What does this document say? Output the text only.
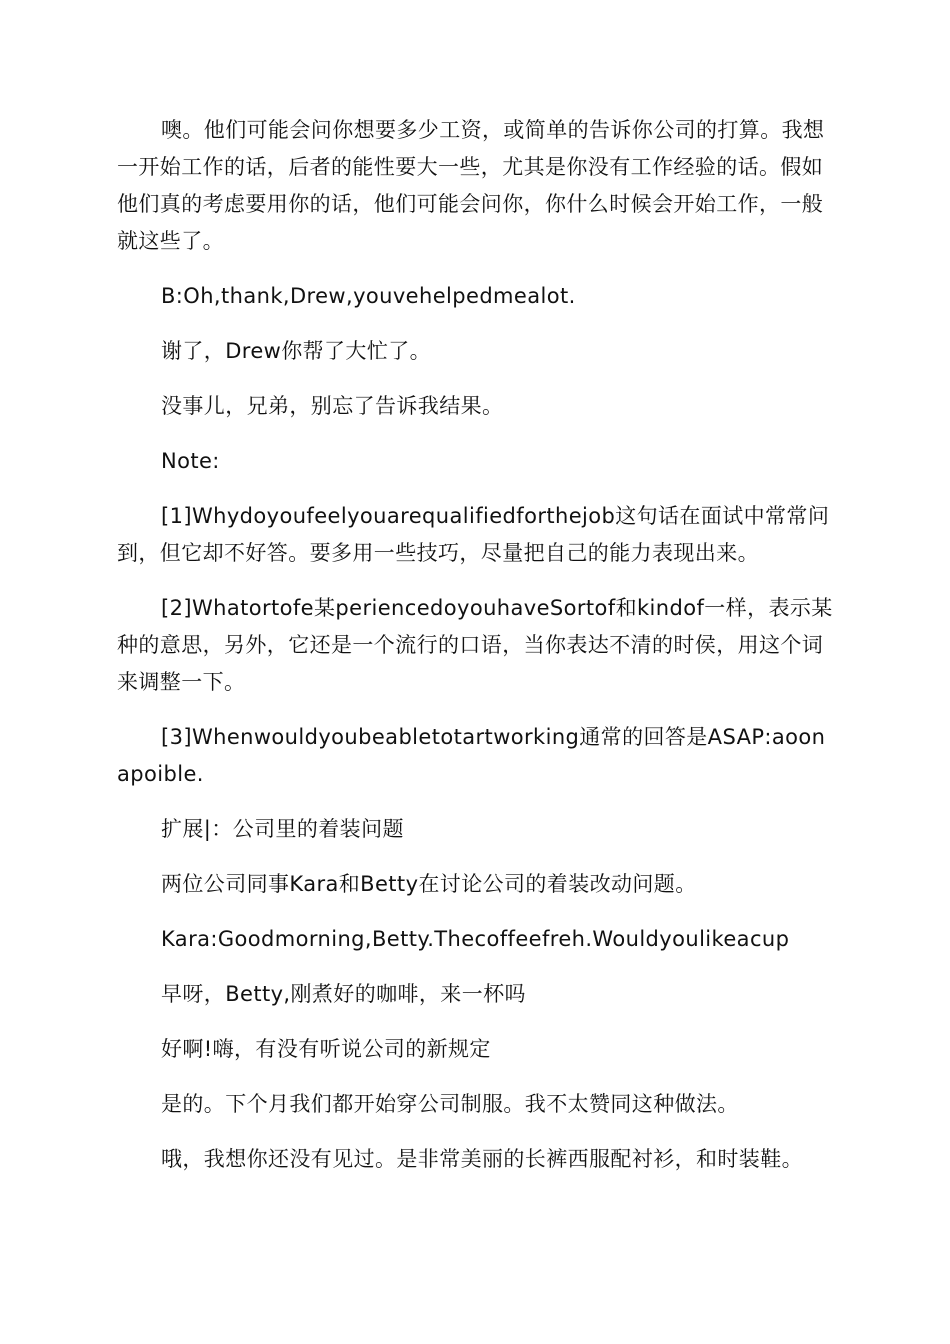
噢。他们可能会问你想要多少工资，或简单的告诉你公司的打算。我想一开始工作的话，后者的能性要大一些，尤其是你没有工作经验的话。假如他们真的考虑要用你的话，他们可能会问你，你什么时候会开始工作，一般就这些了。

B:Oh,thank,Drew,youvehelpedmealot.

谢了，Drew你帮了大忙了。

没事儿，兄弟，别忘了告诉我结果。

Note:

[1]Whydoyoufeelyouarequalifiedforthejob这句话在面试中常常问到，但它却不好答。要多用一些技巧，尽量把自己的能力表现出来。

[2]Whatortofe某periencedoyouhaveSortof和kindof一样，表示某种的意思，另外，它还是一个流行的口语，当你表达不清的时侯，用这个词来调整一下。

[3]Whenwouldyoubeabletotartworking通常的回答是ASAP:aoonapoible.

扩展|：公司里的着装问题

两位公司同事Kara和Betty在讨论公司的着装改动问题。

Kara:Goodmorning,Betty.Thecoffeefreh.Wouldyoulikeacup

早呀，Betty,刚煮好的咖啡，来一杯吗

好啊!嗨，有没有听说公司的新规定

是的。下个月我们都开始穿公司制服。我不太赞同这种做法。

哦，我想你还没有见过。是非常美丽的长裤西服配衬衫，和时装鞋。
